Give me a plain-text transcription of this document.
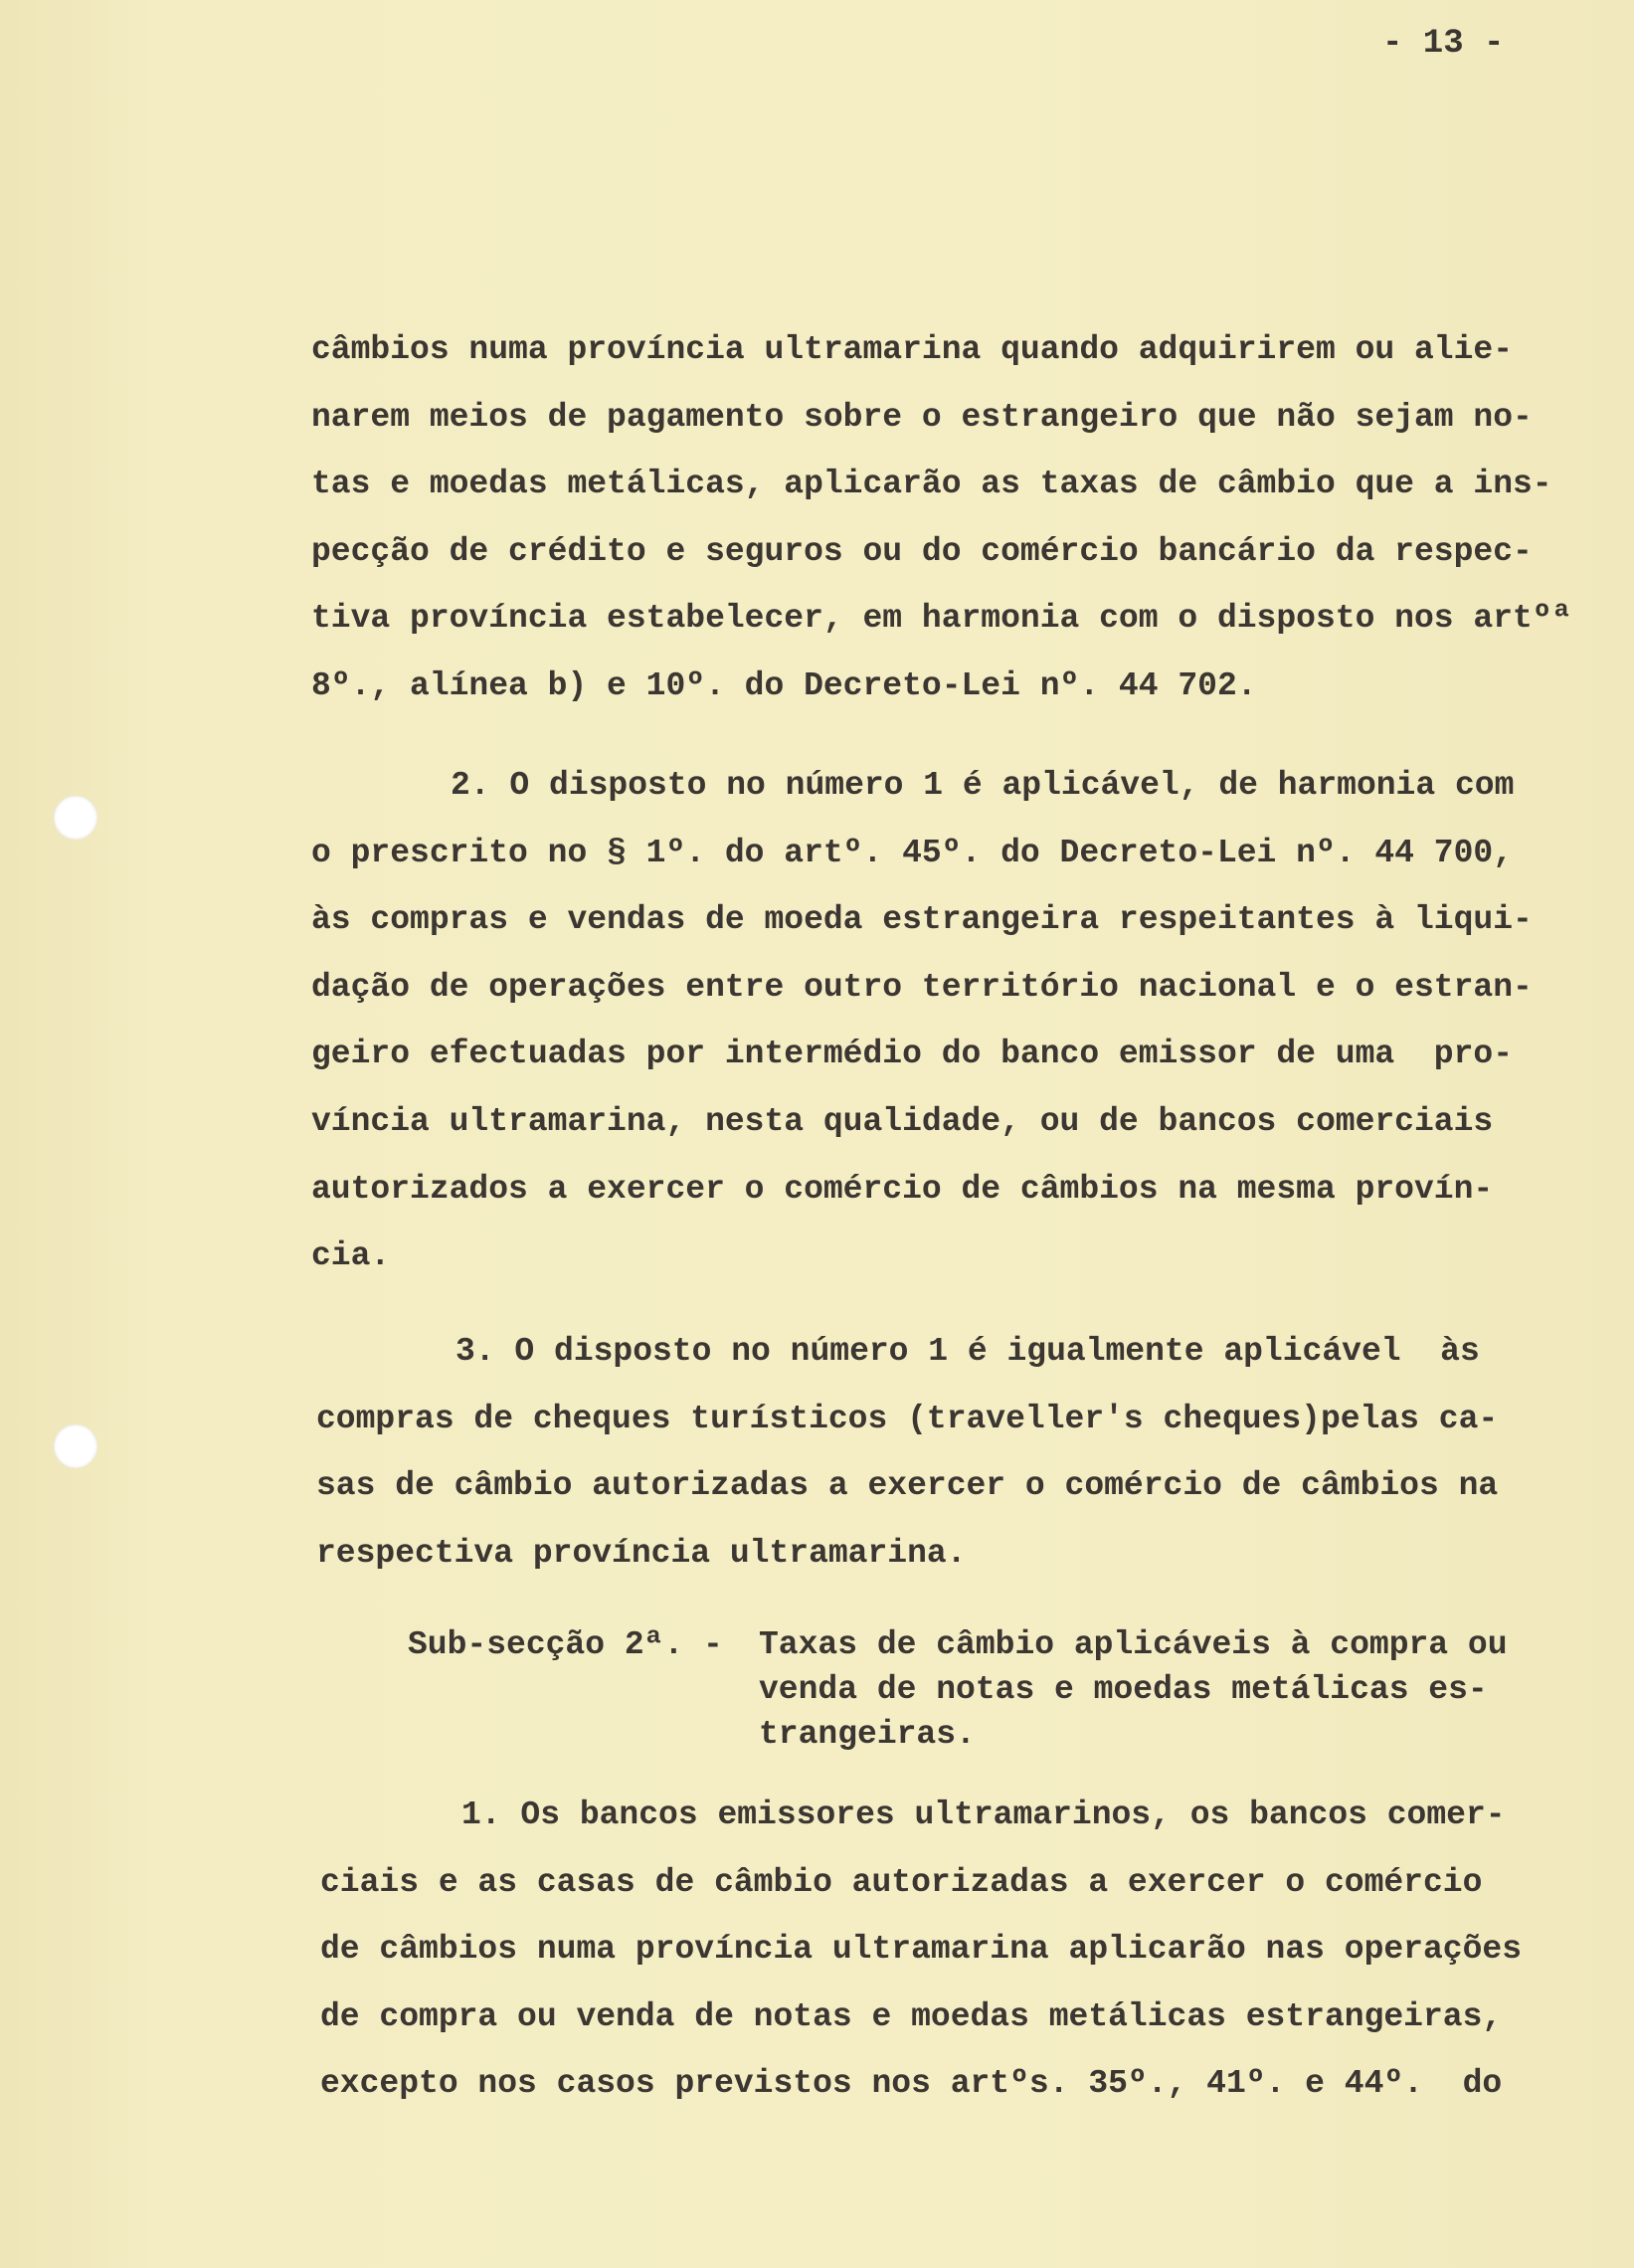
- 13 -
câmbios numa província ultramarina quando adquirirem ou alie-
narem meios de pagamento sobre o estrangeiro que não sejam no-
tas e moedas metálicas, aplicarão as taxas de câmbio que a ins-
pecção de crédito e seguros ou do comércio bancário da respec-
tiva província estabelecer, em harmonia com o disposto nos artºª
8º., alínea b) e 10º. do Decreto-Lei nº. 44 702.
2. O disposto no número 1 é aplicável, de harmonia com
o prescrito no § 1º. do artº. 45º. do Decreto-Lei nº. 44 700,
às compras e vendas de moeda estrangeira respeitantes à liqui-
dação de operações entre outro território nacional e o estran-
geiro efectuadas por intermédio do banco emissor de uma  pro-
víncia ultramarina, nesta qualidade, ou de bancos comerciais
autorizados a exercer o comércio de câmbios na mesma provín-
cia.
3. O disposto no número 1 é igualmente aplicável  às
compras de cheques turísticos (traveller's cheques)pelas ca-
sas de câmbio autorizadas a exercer o comércio de câmbios na
respectiva província ultramarina.
Sub-secção 2ª. - Taxas de câmbio aplicáveis à compra ou
venda de notas e moedas metálicas es-
trangeiras.
1. Os bancos emissores ultramarinos, os bancos comer-
ciais e as casas de câmbio autorizadas a exercer o comércio
de câmbios numa província ultramarina aplicarão nas operações
de compra ou venda de notas e moedas metálicas estrangeiras,
excepto nos casos previstos nos artºs. 35º., 41º. e 44º.  do
